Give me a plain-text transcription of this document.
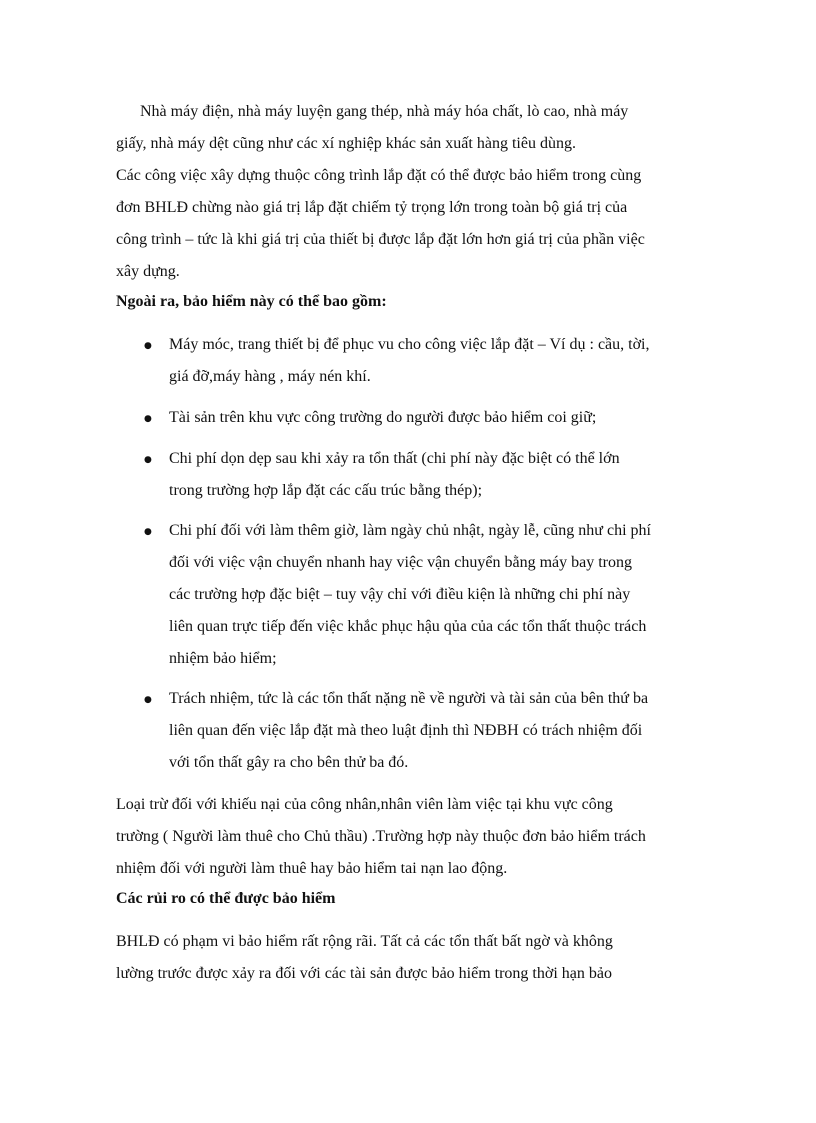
Nhà máy điện, nhà máy luyện gang thép, nhà máy hóa chất, lò cao, nhà máy
giấy, nhà máy dệt cũng như các xí nghiệp khác sản xuất hàng tiêu dùng.
Các công việc xây dựng thuộc công trình lắp đặt có thể được bảo hiểm trong cùng
đơn BHLĐ chừng nào giá trị lắp đặt chiếm tỷ trọng lớn trong toàn bộ giá trị của
công trình – tức là khi giá trị của thiết bị được lắp đặt lớn hơn giá trị của phần việc
xây dựng.
Ngoài ra, bảo hiểm này có thể bao gồm:
● Máy móc, trang thiết bị để phục vu cho công việc lắp đặt – Ví dụ : cầu, tời,
giá đỡ,máy hàng , máy nén khí.
● Tài sản trên khu vực công trường do người được bảo hiểm coi giữ;
● Chi phí dọn dẹp sau khi xảy ra tổn thất (chi phí này đặc biệt có thể lớn
trong trường hợp lắp đặt các cấu trúc bằng thép);
● Chi phí đối với làm thêm giờ, làm ngày chủ nhật, ngày lễ, cũng như chi phí
đối với việc vận chuyển nhanh hay việc vận chuyển bằng máy bay trong
các trường hợp đặc biệt – tuy vậy chỉ với điều kiện là những chi phí này
liên quan trực tiếp đến việc khắc phục hậu qủa của các tổn thất thuộc trách
nhiệm bảo hiểm;
● Trách nhiệm, tức là các tổn thất nặng nề về người và tài sản của bên thứ ba
liên quan đến việc lắp đặt mà theo luật định thì NĐBH có trách nhiệm đối
với tổn thất gây ra cho bên thử ba đó.
Loại trừ đối với khiếu nại của công nhân,nhân viên làm việc tại khu vực công
trường ( Người làm thuê cho Chủ thầu) .Trường hợp này thuộc đơn bảo hiểm trách
nhiệm đối với người làm thuê hay bảo hiểm tai nạn lao động.
Các rủi ro có thể được bảo hiểm
BHLĐ có phạm vi bảo hiểm rất rộng rãi. Tất cả các tổn thất bất ngờ và không
lường trước được xảy ra đối với các tài sản được bảo hiểm trong thời hạn bảo
